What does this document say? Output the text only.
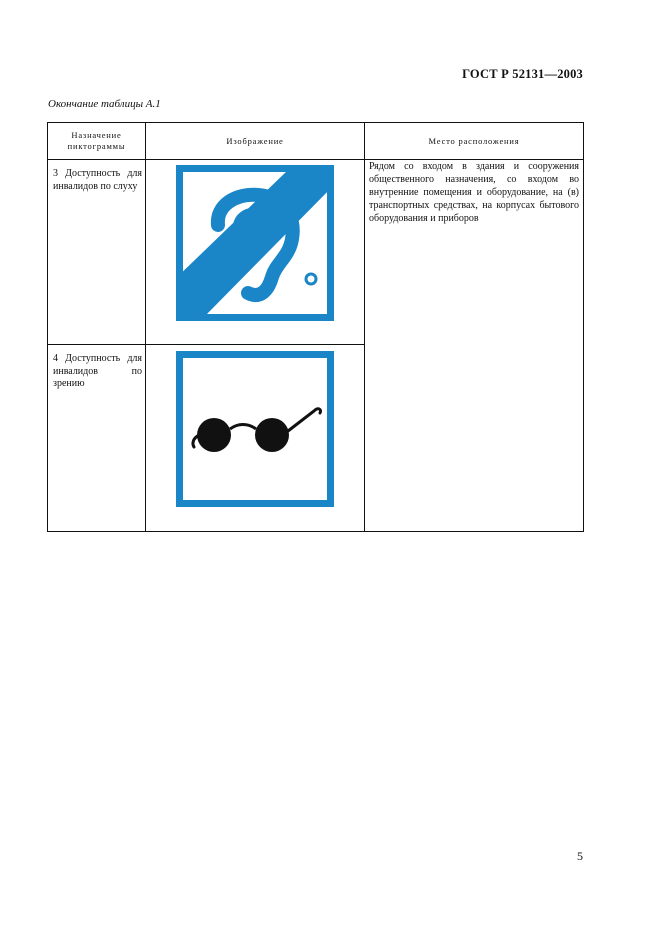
ГОСТ Р 52131—2003
Окончание таблицы А.1
Назначение пиктограммы	Изображение	Место расположения

3 Доступность для инвалидов по слуху		Рядом со входом в здания и сооружения общественного назначения, со входом во внутренние помещения и оборудование, на (в) транспортных средствах, на корпусах бытового оборудования и приборов

4 Доступность для инвалидов по зрению

5
